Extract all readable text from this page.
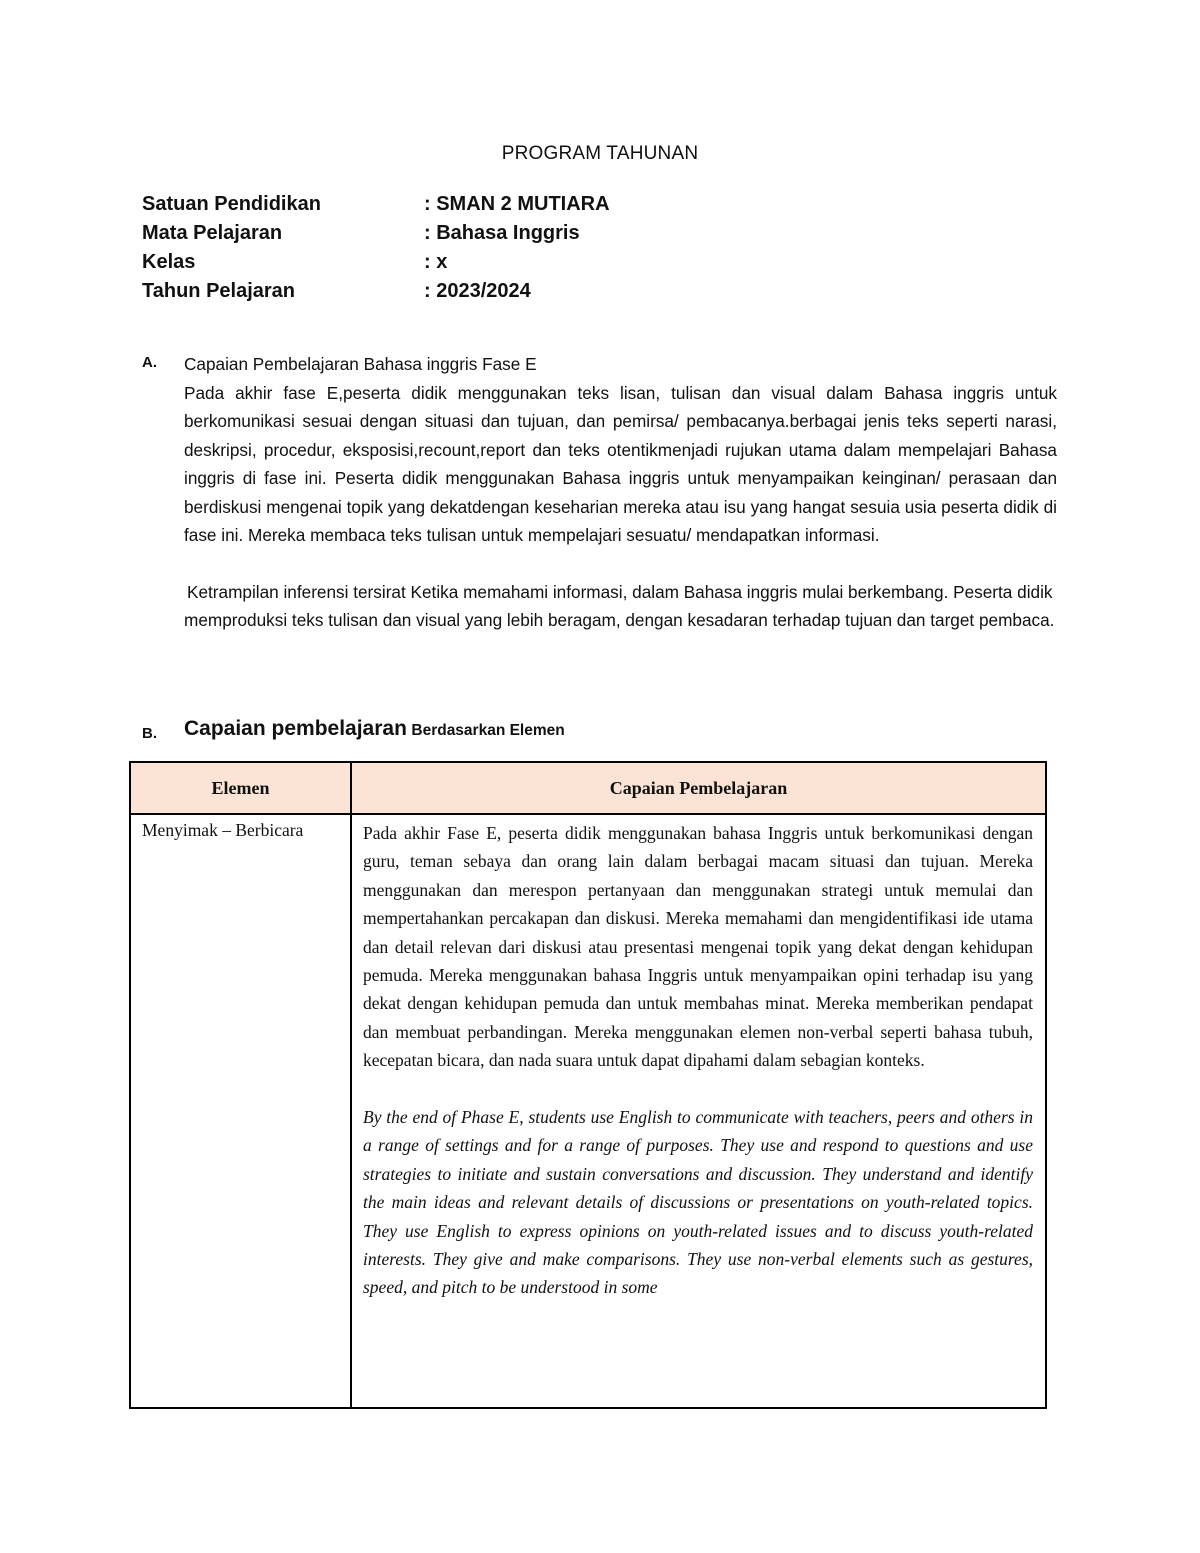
PROGRAM TAHUNAN
Satuan Pendidikan	: SMAN 2 MUTIARA
Mata Pelajaran	: Bahasa Inggris
Kelas	: x
Tahun Pelajaran	: 2023/2024
A. Capaian Pembelajaran Bahasa inggris Fase E

Pada akhir fase E,peserta didik menggunakan teks lisan, tulisan dan visual dalam Bahasa inggris untuk berkomunikasi sesuai dengan situasi dan tujuan, dan pemirsa/ pembacanya.berbagai jenis teks seperti narasi, deskripsi, procedur, eksposisi,recount,report dan teks otentikmenjadi rujukan utama dalam mempelajari Bahasa inggris di fase ini. Peserta didik menggunakan Bahasa inggris untuk menyampaikan keinginan/ perasaan dan berdiskusi mengenai topik yang dekatdengan keseharian mereka atau isu yang hangat sesuia usia peserta didik di fase ini. Mereka membaca teks tulisan untuk mempelajari sesuatu/ mendapatkan informasi.

Ketrampilan inferensi tersirat Ketika memahami informasi, dalam Bahasa inggris mulai berkembang. Peserta didik memproduksi teks tulisan dan visual yang lebih beragam, dengan kesadaran terhadap tujuan dan target pembaca.

B. Capaian pembelajaran Berdasarkan Elemen
Elemen	Capaian Pembelajaran
Menyimak – Berbicara	Pada akhir Fase E, peserta didik menggunakan bahasa Inggris untuk berkomunikasi dengan guru, teman sebaya dan orang lain dalam berbagai macam situasi dan tujuan. Mereka menggunakan dan merespon pertanyaan dan menggunakan strategi untuk memulai dan mempertahankan percakapan dan diskusi. Mereka memahami dan mengidentifikasi ide utama dan detail relevan dari diskusi atau presentasi mengenai topik yang dekat dengan kehidupan pemuda. Mereka menggunakan bahasa Inggris untuk menyampaikan opini terhadap isu yang dekat dengan kehidupan pemuda dan untuk membahas minat. Mereka memberikan pendapat dan membuat perbandingan. Mereka menggunakan elemen non-verbal seperti bahasa tubuh, kecepatan bicara, dan nada suara untuk dapat dipahami dalam sebagian konteks.

By the end of Phase E, students use English to communicate with teachers, peers and others in a range of settings and for a range of purposes. They use and respond to questions and use strategies to initiate and sustain conversations and discussion. They understand and identify the main ideas and relevant details of discussions or presentations on youth-related topics. They use English to express opinions on youth-related issues and to discuss youth-related interests. They give and make comparisons. They use non-verbal elements such as gestures, speed, and pitch to be understood in some
